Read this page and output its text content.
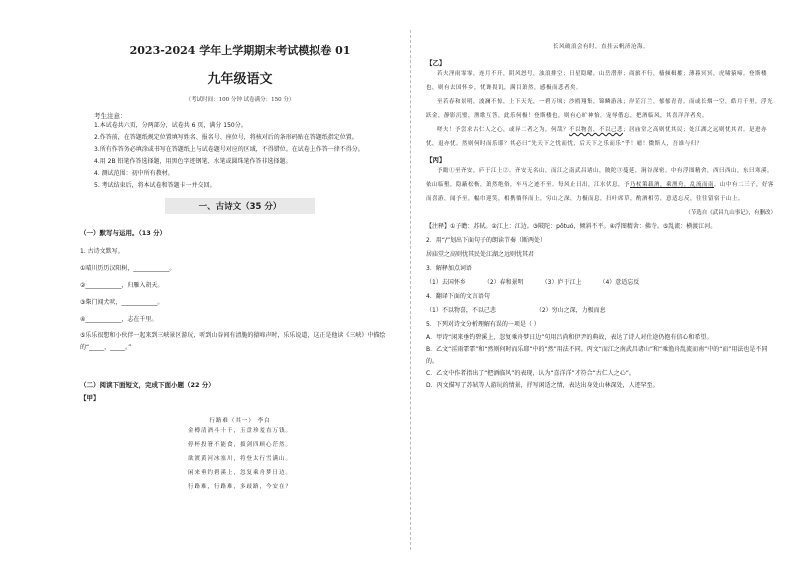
2023-2024 学年上学期期末考试模拟卷 01
九年级语文
（考试时间：100 分钟 试卷满分：150 分）
考生注意：
1.本试卷共六页，分两部分，试卷共 6 页，满分 150分。
2.作答前，在答题纸规定位置填写姓名、报名号、座位号，将核对后的条形码贴在答题纸指定位置。
3.所有作答务必填涂或书写在答题纸上与试卷题号对应的区域，不得错位。在试卷上作答一律不得分。
4.用 2B 铅笔作答选择题，用黑色字迹钢笔、水笔或圆珠笔作答非选择题。
4. 测试范围：初中所有教材。
5. 考试结束后，将本试卷和答题卡一并交回。
一、古诗文（35 分）
（一）默写与运用。（13 分）
1. 古诗文默写。
①晴川历历汉阳树，____________。
②____________，归雁入胡天。
③柴门闻犬吠，____________。
④____________，志在千里。
⑤乐乐很想和小伙伴一起来到三峡景区游玩，听到山谷间有清脆的猿啼声时，乐乐说道，这正是他读《三峡》中描绘的“_____，_____。”
（二）阅读下面短文，完成下面小题（22 分）
【甲】
行路难（其一） 李白
金樽清酒斗十千，玉盘珍羞直万钱。
停杯投箸不能食，拔剑四顾心茫然。
欲渡黄河冰塞川，将登太行雪满山。
闲来垂钓碧溪上，忽复乘舟梦日边。
行路难，行路难，多歧路，今安在？
长风破浪会有时，直挂云帆济沧海。
【乙】
若夫淫雨霏霏，连月不开，阴风怒号，浊浪排空；日星隐曜，山岳潜形；商旅不行，樯倾楫摧；薄暮冥冥，虎啸猿啼。登斯楼也，则有去国怀乡，忧谗畏讥，满目萧然，感极而悲者矣。
至若春和景明，波澜不惊，上下天光，一碧万顷；沙鸥翔集，锦鳞游泳；岸芷汀兰，郁郁青青。而或长烟一空，皓月千里，浮光跃金，静影沉璧，渔歌互答，此乐何极！登斯楼也，则有心旷神怡，宠辱偕忘，把酒临风，其喜洋洋者矣。
嗟夫！予尝求古仁人之心，或异二者之为，何哉？不以物喜，不以己悲；居庙堂之高则忧其民；处江湖之远则忧其君。是进亦忧，退亦忧。然则何时而乐耶？其必曰“先天下之忧而忧，后天下之乐而乐”乎！噫！微斯人，吾谁与归？
【丙】
予瞻①至齐安，庐于江上②。齐安无名山，而江之南武昌诸山，陂陀③蔓延，涧谷深密。中有浮图精舍，西曰西山，东曰寒溪。依山临壑，隐蔽松枥，萧然绝俗，车马之迹不至。每风止日出，江水伏息，予乃杖策载酒，乘渔舟，乱流而南。山中有二三子，好客而喜游，闻予至，幅巾迎笑，相携徜徉而上，穷山之深，力极而息，扫叶席草，酌酒相劳，意适忘反，往往留宿于山上。
（节选自《武昌九山事记》，有删改）
【注释】①子瞻：苏轼。②江上：江边。③陂陀：pōtuó，倾斜不平。④浮图精舍：佛寺。⑤乱流：横渡江河。
2．用“/”划出下面句子的朗读节奏（断两处）
居庙堂之高则忧其民处江湖之远则忧其君
3．解释加点词语
（1）去国怀乡	（2）春和景明	（3）庐于江上	（4）意适忘反
4．翻译下面的文言语句
（1）不以物喜，不以己悲	（2）穷山之深，力极而息
5．下列对诗文分析理解有误的一项是（ ）
A．甲诗“闲来垂钓碧溪上，忽复乘舟梦日边”句用吕尚和伊尹的典故，表达了诗人对仕途仍抱有信心和希望。
B．乙文“淫雨霏霏”和“然则何时而乐耶”中的“然”用法不同。丙文“而江之南武昌诸山”和“乘渔舟乱流而南”中的“而”用法也是不同的。
C．乙文中作者指出了“把酒临风”的表现，认为“喜洋洋”才符合“古仁人之心”。
D．丙文描写了苏轼等人游玩的情景，抒写闲适之情，表达出身处山林深处，人迹罕至。
